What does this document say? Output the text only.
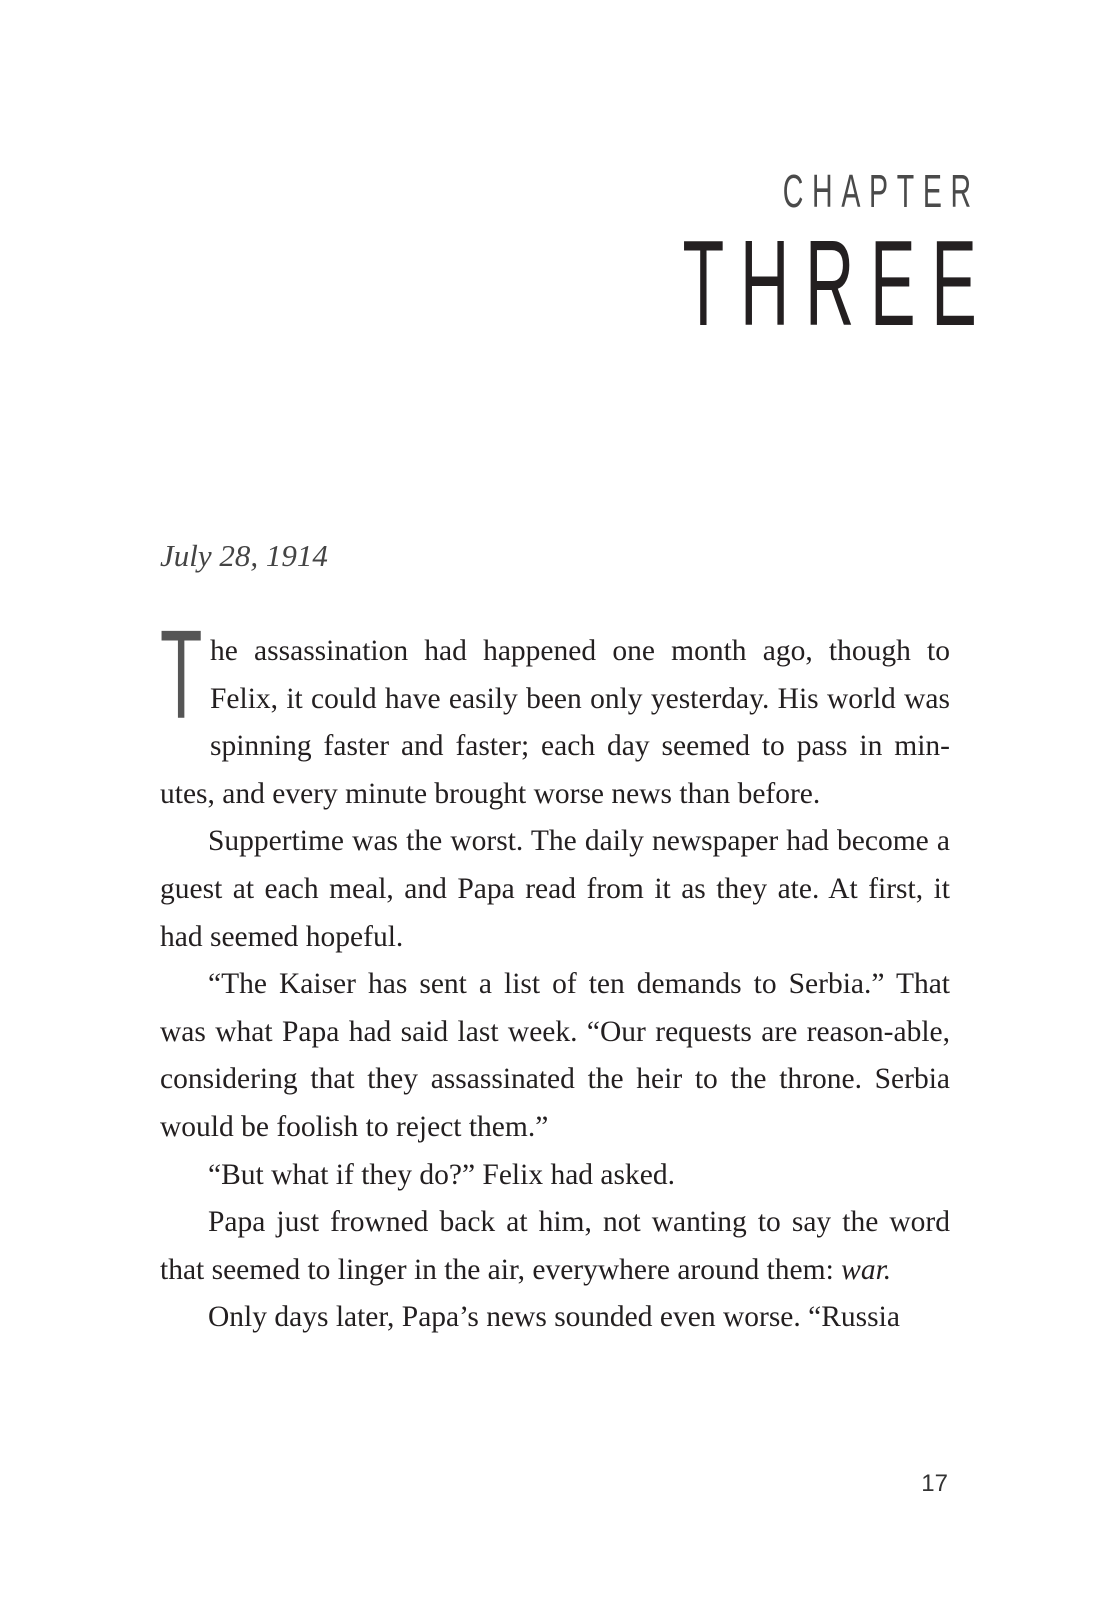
CHAPTER
THREE
July 28, 1914

The assassination had happened one month ago, though to Felix, it could have easily been only yesterday. His world was spinning faster and faster; each day seemed to pass in min-utes, and every minute brought worse news than before.

Suppertime was the worst. The daily newspaper had become a guest at each meal, and Papa read from it as they ate. At first, it had seemed hopeful.

“The Kaiser has sent a list of ten demands to Serbia.” That was what Papa had said last week. “Our requests are reason-able, considering that they assassinated the heir to the throne. Serbia would be foolish to reject them.”

“But what if they do?” Felix had asked.

Papa just frowned back at him, not wanting to say the word that seemed to linger in the air, everywhere around them: war.

Only days later, Papa’s news sounded even worse. “Russia

17
